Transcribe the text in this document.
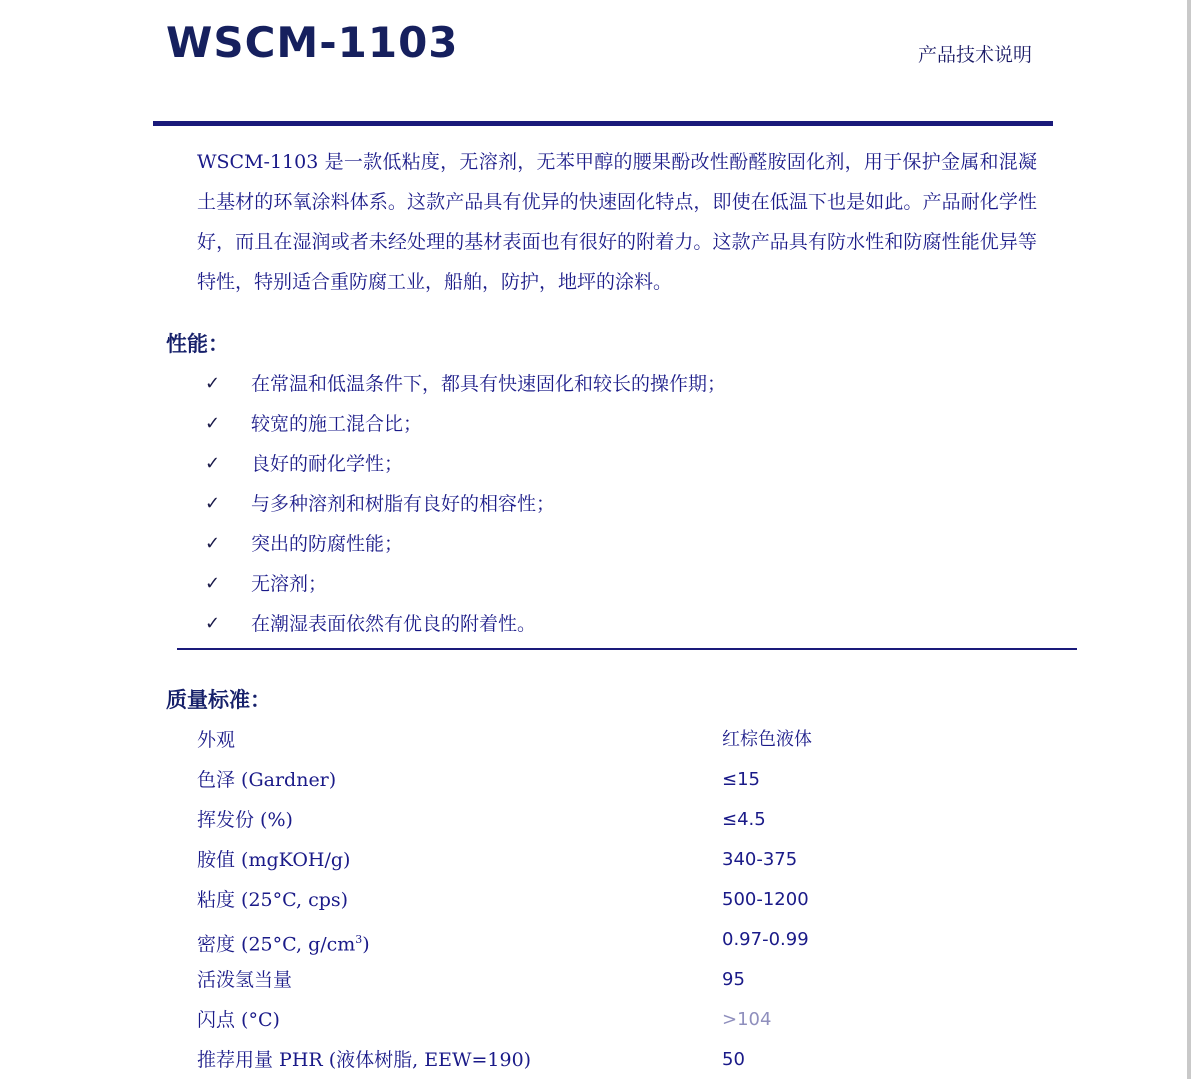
WSCM-1103	产品技术说明

WSCM-1103 是一款低粘度，无溶剂，无苯甲醇的腰果酚改性酚醛胺固化剂，用于保护金属和混凝土基材的环氧涂料体系。这款产品具有优异的快速固化特点，即使在低温下也是如此。产品耐化学性好，而且在湿润或者未经处理的基材表面也有很好的附着力。这款产品具有防水性和防腐性能优异等特性，特别适合重防腐工业，船舶，防护，地坪的涂料。

性能：
✓	在常温和低温条件下，都具有快速固化和较长的操作期；
✓	较宽的施工混合比；
✓	良好的耐化学性；
✓	与多种溶剂和树脂有良好的相容性；
✓	突出的防腐性能；
✓	无溶剂；
✓	在潮湿表面依然有优良的附着性。
质量标准：
外观	红棕色液体
色泽 (Gardner)	≤15
挥发份 (%)	≤4.5
胺值 (mgKOH/g)	340-375
粘度 (25°C, cps)	500-1200
密度 (25°C, $g/cm^3$)	0.97-0.99
活泼氢当量	95
闪点 (°C)	>104
推荐用量 PHR (液体树脂, EEW=190)	50
